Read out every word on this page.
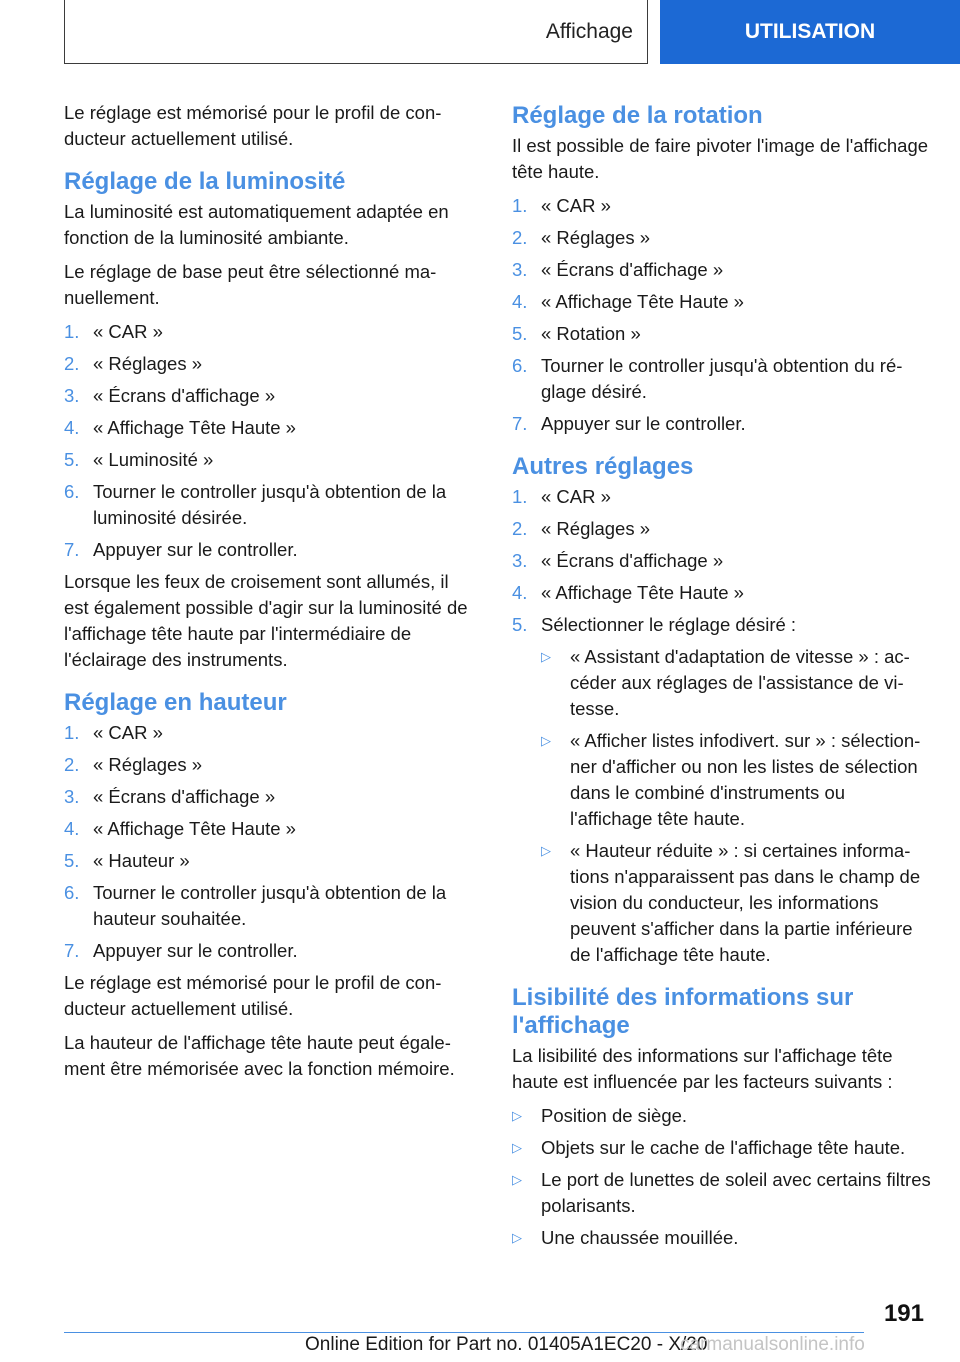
Affichage	UTILISATION

Le réglage est mémorisé pour le profil de conducteur actuellement utilisé.

Réglage de la luminosité

La luminosité est automatiquement adaptée en fonction de la luminosité ambiante.

Le réglage de base peut être sélectionné manuellement.

1. « CAR »
2. « Réglages »
3. « Écrans d'affichage »
4. « Affichage Tête Haute »
5. « Luminosité »
6. Tourner le controller jusqu'à obtention de la luminosité désirée.
7. Appuyer sur le controller.

Lorsque les feux de croisement sont allumés, il est également possible d'agir sur la luminosité de l'affichage tête haute par l'intermédiaire de l'éclairage des instruments.

Réglage en hauteur
1. « CAR »
2. « Réglages »
3. « Écrans d'affichage »
4. « Affichage Tête Haute »
5. « Hauteur »
6. Tourner le controller jusqu'à obtention de la hauteur souhaitée.
7. Appuyer sur le controller.

Le réglage est mémorisé pour le profil de conducteur actuellement utilisé.

La hauteur de l'affichage tête haute peut également être mémorisée avec la fonction mémoire.

Réglage de la rotation

Il est possible de faire pivoter l'image de l'affichage tête haute.

1. « CAR »
2. « Réglages »
3. « Écrans d'affichage »
4. « Affichage Tête Haute »
5. « Rotation »
6. Tourner le controller jusqu'à obtention du réglage désiré.
7. Appuyer sur le controller.
Autres réglages
1. « CAR »
2. « Réglages »
3. « Écrans d'affichage »
4. « Affichage Tête Haute »
5. Sélectionner le réglage désiré :
▷	« Assistant d'adaptation de vitesse » : accéder aux réglages de l'assistance de vitesse.
▷	« Afficher listes infodivert. sur » : sélectionner d'afficher ou non les listes de sélection dans le combiné d'instruments ou l'affichage tête haute.
▷	« Hauteur réduite » : si certaines informations n'apparaissent pas dans le champ de vision du conducteur, les informations peuvent s'afficher dans la partie inférieure de l'affichage tête haute.
Lisibilité des informations sur l'affichage

La lisibilité des informations sur l'affichage tête haute est influencée par les facteurs suivants :

▷	Position de siège.
▷	Objets sur le cache de l'affichage tête haute.
▷	Le port de lunettes de soleil avec certains filtres polarisants.
▷	Une chaussée mouillée.
191
Online Edition for Part no. 01405A1EC20 - X/20
carmanualsonline.info
